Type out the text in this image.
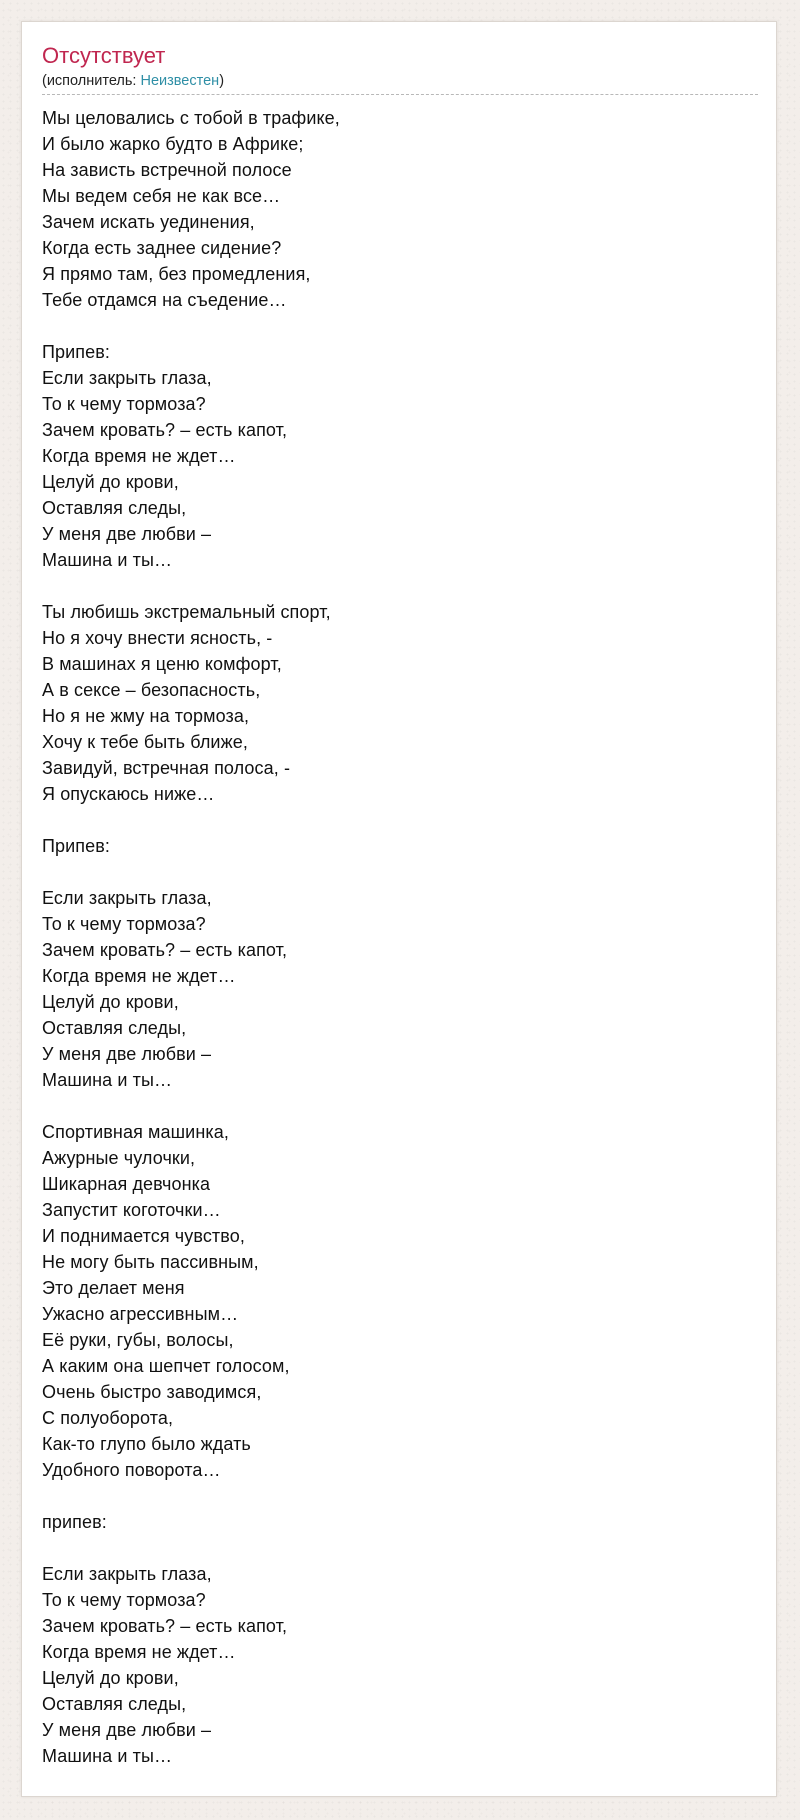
Отсутствует
(исполнитель: Неизвестен)
Мы целовались с тобой в трафике,
И было жарко будто в Африке;
На зависть встречной полосе
Мы ведем себя не как все…
Зачем искать уединения,
Когда есть заднее сидение?
Я прямо там, без промедления,
Тебе отдамся на съедение…

Припев:
Если закрыть глаза,
То к чему тормоза?
Зачем кровать? – есть капот,
Когда время не ждет…
Целуй до крови,
Оставляя следы,
У меня две любви –
Машина и ты…

Ты любишь экстремальный спорт,
Но я хочу внести ясность, -
В машинах я ценю комфорт,
А в сексе – безопасность,
Но я не жму на тормоза,
Хочу к тебе быть ближе,
Завидуй, встречная полоса, -
Я опускаюсь ниже…

Припев:

Если закрыть глаза,
То к чему тормоза?
Зачем кровать? – есть капот,
Когда время не ждет…
Целуй до крови,
Оставляя следы,
У меня две любви –
Машина и ты…

Спортивная машинка,
Ажурные чулочки,
Шикарная девчонка
Запустит коготочки…
И поднимается чувство,
Не могу быть пассивным,
Это делает меня
Ужасно агрессивным…
Её руки, губы, волосы,
А каким она шепчет голосом,
Очень быстро заводимся,
С полуоборота,
Как-то глупо было ждать
Удобного поворота…

припев:

Если закрыть глаза,
То к чему тормоза?
Зачем кровать? – есть капот,
Когда время не ждет…
Целуй до крови,
Оставляя следы,
У меня две любви –
Машина и ты…
